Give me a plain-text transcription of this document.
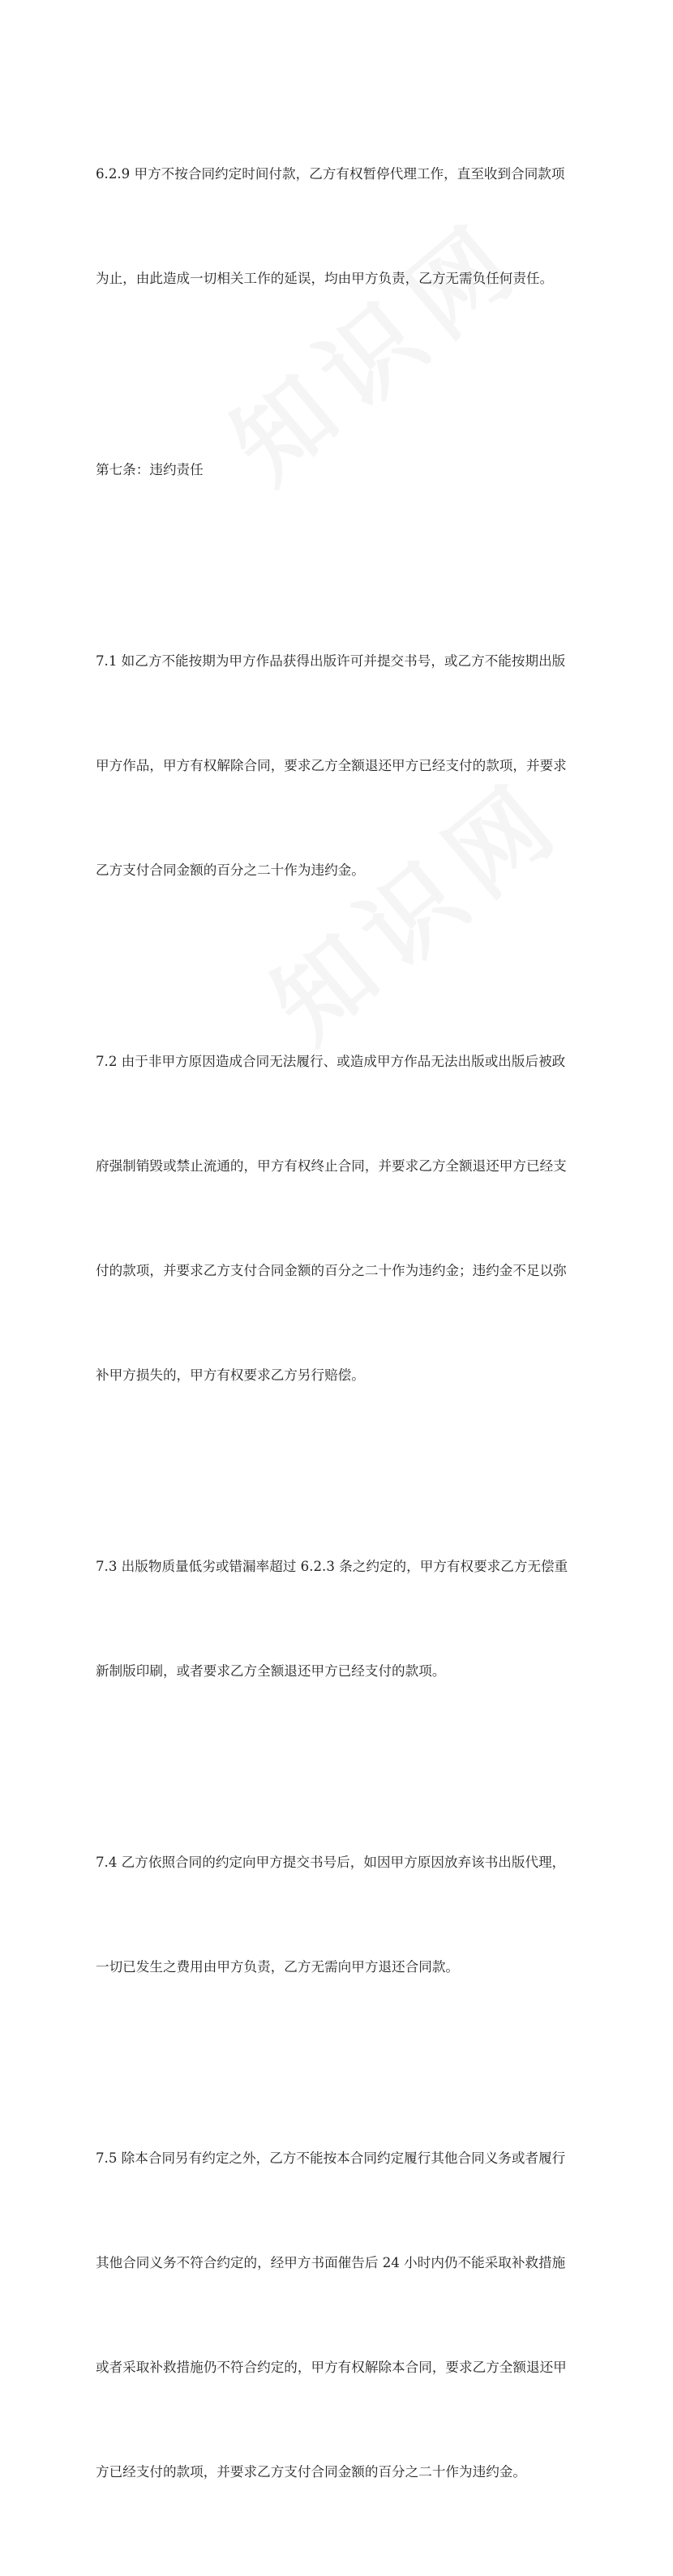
6.2.9 甲方不按合同约定时间付款，乙方有权暂停代理工作，直至收到合同款项

为止，由此造成一切相关工作的延误，均由甲方负责，乙方无需负任何责任。

第七条：违约责任

7.1 如乙方不能按期为甲方作品获得出版许可并提交书号，或乙方不能按期出版

甲方作品，甲方有权解除合同，要求乙方全额退还甲方已经支付的款项，并要求

乙方支付合同金额的百分之二十作为违约金。

7.2 由于非甲方原因造成合同无法履行、或造成甲方作品无法出版或出版后被政

府强制销毁或禁止流通的，甲方有权终止合同，并要求乙方全额退还甲方已经支

付的款项，并要求乙方支付合同金额的百分之二十作为违约金；违约金不足以弥

补甲方损失的，甲方有权要求乙方另行赔偿。

7.3 出版物质量低劣或错漏率超过 6.2.3 条之约定的，甲方有权要求乙方无偿重

新制版印刷，或者要求乙方全额退还甲方已经支付的款项。

7.4 乙方依照合同的约定向甲方提交书号后，如因甲方原因放弃该书出版代理，

一切已发生之费用由甲方负责，乙方无需向甲方退还合同款。

7.5 除本合同另有约定之外，乙方不能按本合同约定履行其他合同义务或者履行

其他合同义务不符合约定的，经甲方书面催告后 24 小时内仍不能采取补救措施

或者采取补救措施仍不符合约定的，甲方有权解除本合同，要求乙方全额退还甲

方已经支付的款项，并要求乙方支付合同金额的百分之二十作为违约金。
